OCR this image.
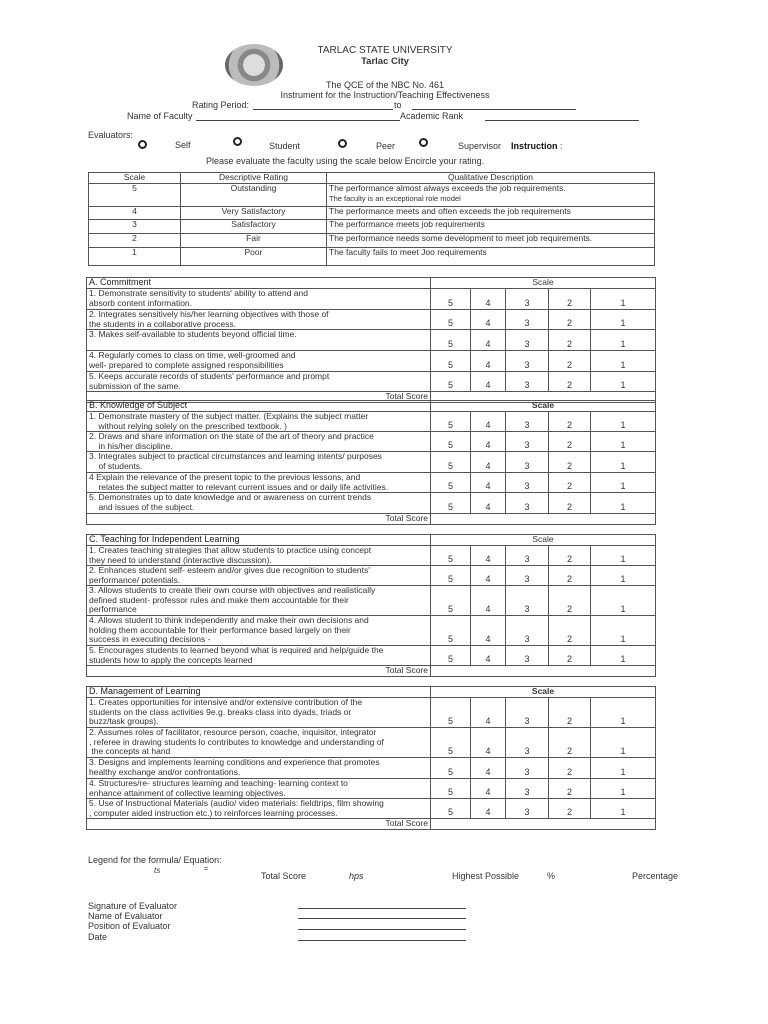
TARLAC STATE UNIVERSITY
Tarlac City
The QCE of the NBC No. 461
Instrument for the Instruction/Teaching Effectiveness
Rating Period:	to
Name of Faculty	Academic Rank
Evaluators:
Self	Student	Peer	Supervisor Instruction :
Please evaluate the faculty using the scale below Encircle your rating.
Scale	Descriptive Rating	Qualitative Description
5	Outstanding	The performance almost always exceeds the job requirements.
The faculty is an exceptional role model

4	Very Satisfactory	The performance meets and often exceeds the job requirements

3	Satisfactory	The performance meets job requirements

2	Fair	The performance needs some development to meet job requirements.

1	Poor	The faculty fails to meet Joo requirements
A. Commitment	Scale				
1. Demonstrate sensitivity to students' ability to attend and
absorb content information.	5	4	3	2	1
2. Integrates sensitively his/her learning objectives with those of
the students in a collaborative process.	5	4	3	2	1
3. Makes self-available to students beyond official time.	5	4	3	2	1
4. Regularly comes to class on time, well-groomed and
well- prepared to complete assigned responsibilities	5	4	3	2	1
5. Keeps accurate records of students' performance and prompt
submission of the same.	5	4	3	2	1
Total Score					
B. Knowledge of Subject	Scale				
1. Demonstrate mastery of the subject matter. (Explains the subject matter
without relying solely on the prescribed textbook. )	5	4	3	2	1
2. Draws and share information on the state of the art of theory and practice
in his/her discipline.	5	4	3	2	1
3. Integrates subject to practical circumstances and learning intents/ purposes
of students.	5	4	3	2	1
4 Explain the relevance of the present topic to the previous lessons, and
relates the subject matter to relevant current issues and or daily life activities.	5	4	3	2	1
5. Demonstrates up to date knowledge and or awareness on current trends
and issues of the subject.	5	4	3	2	1
Total Score					
C. Teaching for Independent Learning	Scale				
1. Creates teaching strategies that allow students to practice using concept
they need to understand (interactive discussion).	5	4	3	2	1
2. Enhances student self- esteem and/or gives due recognition to students'
performance/ potentials.	5	4	3	2	1
3. Allows students to create their own course with objectives and realistically
defined student- professor rules and make them accountable for their
performance	5	4	3	2	1
4. Allows student to think independently and make their own decisions and
holding them accountable for their performance based largely on their
success in executing decisions -	5	4	3	2	1
5. Encourages students to learned beyond what is required and help/guide the
students how to apply the concepts learned	5	4	3	2	1
Total Score					
D. Management of Learning	Scale				
1. Creates opportunities for intensive and/or extensive contribution of the
students on the class activities 9e.g. breaks class into dyads, triads or
buzz/task groups).	5	4	3	2	1
2. Assumes roles of facilitator, resource person, coache, inquisitor, integrator
, referee in drawing students lo contributes to knowledge and understanding of
the concepts at hand	5	4	3	2	1
3. Designs and implements learning conditions and experience that promotes
healthy exchange and/or confrontations.	5	4	3	2	1
4. Structures/re- structures learning and teaching- learning context to
enhance attainment of collective learning objectives.	5	4	3	2	1
5. Use of Instructional Materials (audio/ video materials: fieldtrips, film showing
, computer aided instruction etc.) to reinforces learning processes.	5	4	3	2	1
Total Score					
Legend for the formula/ Equation:
ts	=
Total Score	hps	Highest Possible	%	Percentage
Signature of Evaluator
Name of Evaluator
Position of Evaluator
Date
